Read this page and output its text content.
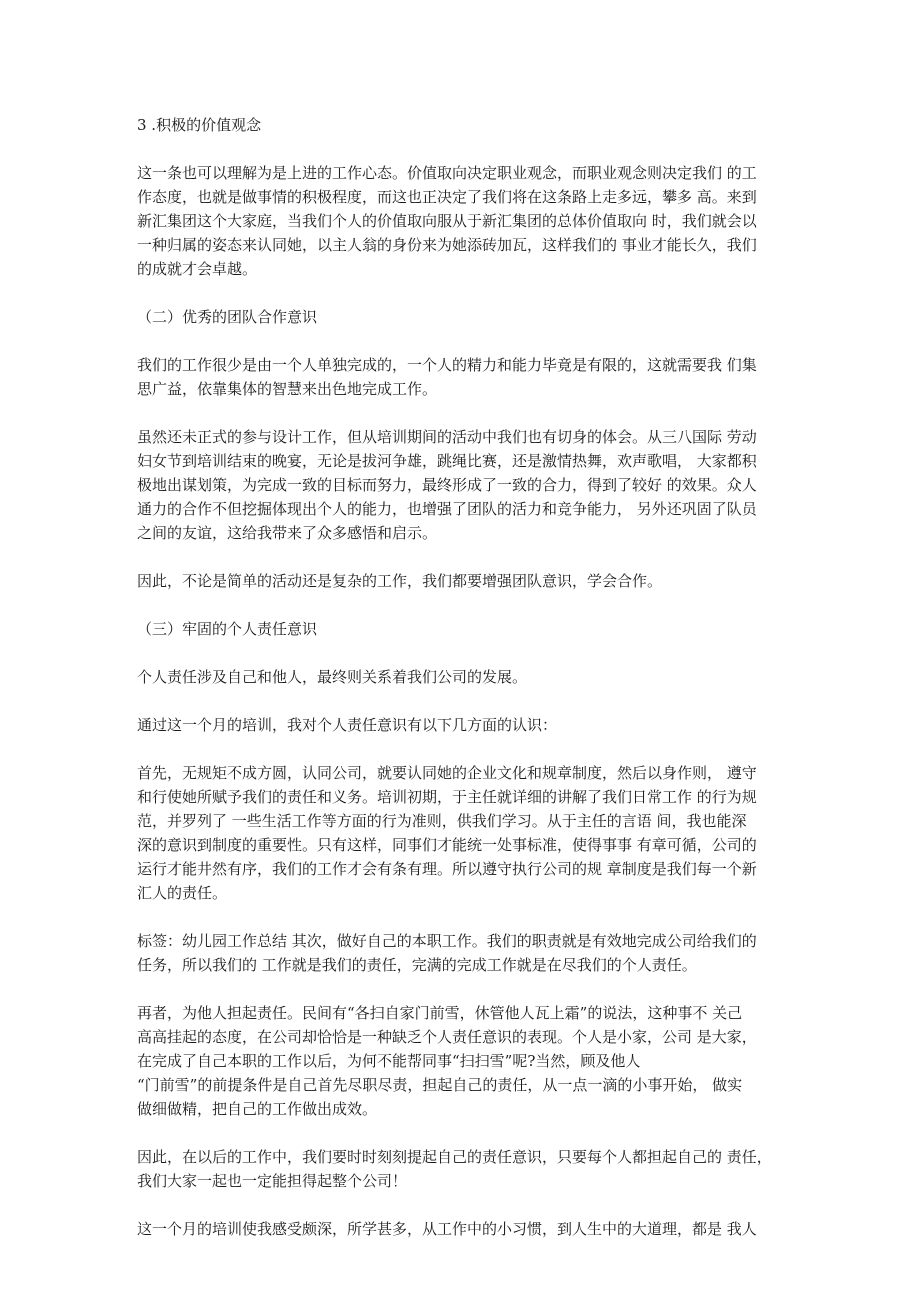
3 .积极的价值观念
这一条也可以理解为是上进的工作心态。价值取向决定职业观念，而职业观念则决定我们 的工
作态度，也就是做事情的积极程度，而这也正决定了我们将在这条路上走多远，攀多 高。来到
新汇集团这个大家庭，当我们个人的价值取向服从于新汇集团的总体价值取向 时，我们就会以
一种归属的姿态来认同她，以主人翁的身份来为她添砖加瓦，这样我们的 事业才能长久，我们
的成就才会卓越。
（二）优秀的团队合作意识
我们的工作很少是由一个人单独完成的，一个人的精力和能力毕竟是有限的，这就需要我 们集
思广益，依靠集体的智慧来出色地完成工作。
虽然还未正式的参与设计工作，但从培训期间的活动中我们也有切身的体会。从三八国际 劳动
妇女节到培训结束的晚宴，无论是拔河争雄，跳绳比赛，还是激情热舞，欢声歌唱， 大家都积
极地出谋划策，为完成一致的目标而努力，最终形成了一致的合力，得到了较好 的效果。众人
通力的合作不但挖掘体现出个人的能力，也增强了团队的活力和竞争能力， 另外还巩固了队员
之间的友谊，这给我带来了众多感悟和启示。
因此，不论是简单的活动还是复杂的工作，我们都要增强团队意识，学会合作。
（三）牢固的个人责任意识
个人责任涉及自己和他人，最终则关系着我们公司的发展。
通过这一个月的培训，我对个人责任意识有以下几方面的认识：
首先，无规矩不成方圆，认同公司，就要认同她的企业文化和规章制度，然后以身作则， 遵守
和行使她所赋予我们的责任和义务。培训初期，于主任就详细的讲解了我们日常工作 的行为规
范，并罗列了 一些生活工作等方面的行为准则，供我们学习。从于主任的言语 间，我也能深
深的意识到制度的重要性。只有这样，同事们才能统一处事标准，使得事事 有章可循，公司的
运行才能井然有序，我们的工作才会有条有理。所以遵守执行公司的规 章制度是我们每一个新
汇人的责任。
标签：幼儿园工作总结 其次，做好自己的本职工作。我们的职责就是有效地完成公司给我们的
任务，所以我们的 工作就是我们的责任，完满的完成工作就是在尽我们的个人责任。
再者，为他人担起责任。民间有“各扫自家门前雪，休管他人瓦上霜”的说法，这种事不 关己
高高挂起的态度，在公司却恰恰是一种缺乏个人责任意识的表现。个人是小家，公司 是大家，
在完成了自己本职的工作以后，为何不能帮同事“扫扫雪”呢?当然，顾及他人
“门前雪”的前提条件是自己首先尽职尽责，担起自己的责任，从一点一滴的小事开始， 做实
做细做精，把自己的工作做出成效。
因此，在以后的工作中，我们要时时刻刻提起自己的责任意识，只要每个人都担起自己的 责任，
我们大家一起也一定能担得起整个公司！
这一个月的培训使我感受颇深，所学甚多，从工作中的小习惯，到人生中的大道理，都是 我人
